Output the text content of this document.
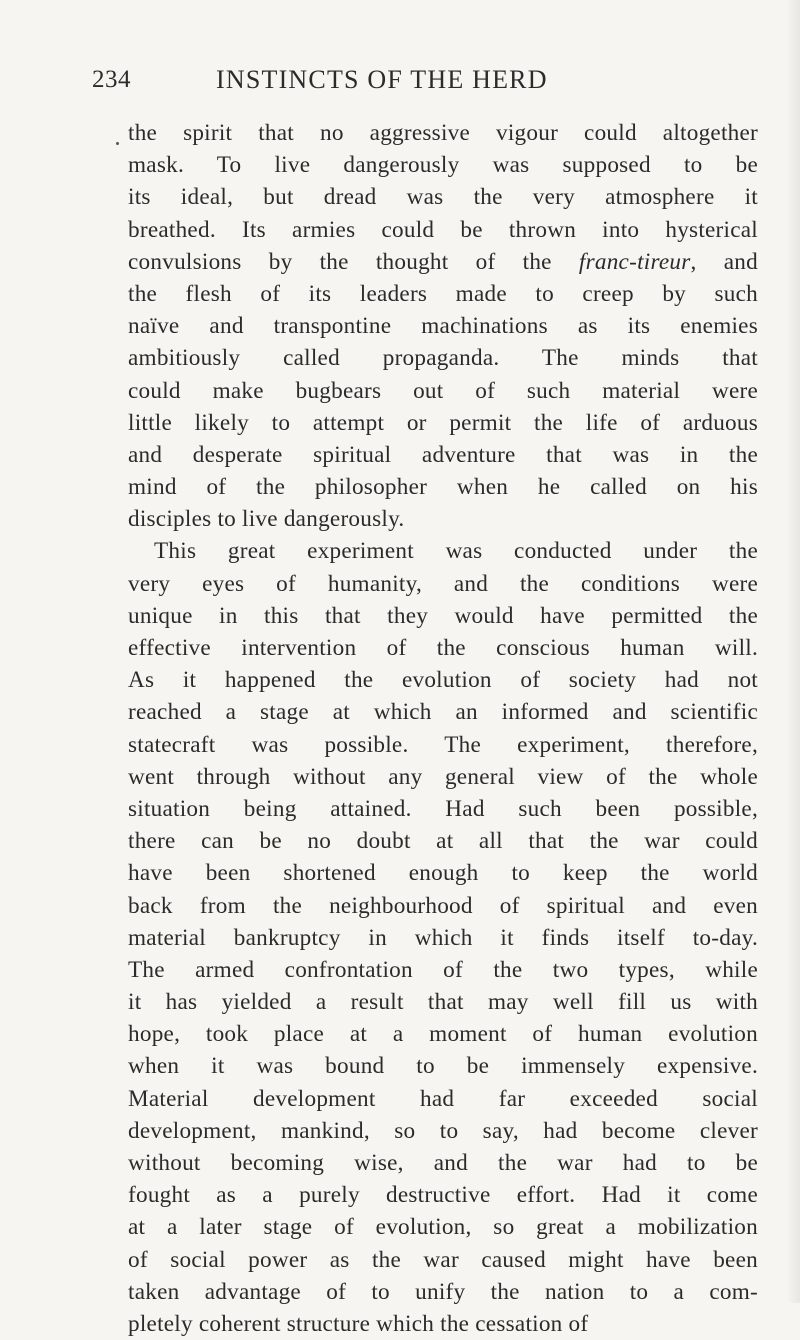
234	INSTINCTS OF THE HERD
the spirit that no aggressive vigour could altogether
mask. To live dangerously was supposed to be
its ideal, but dread was the very atmosphere it
breathed. Its armies could be thrown into hysterical
convulsions by the thought of the franc-tireur, and
the flesh of its leaders made to creep by such
naïve and transpontine machinations as its enemies
ambitiously called propaganda. The minds that
could make bugbears out of such material were
little likely to attempt or permit the life of arduous
and desperate spiritual adventure that was in the
mind of the philosopher when he called on his
disciples to live dangerously.
This great experiment was conducted under the
very eyes of humanity, and the conditions were
unique in this that they would have permitted the
effective intervention of the conscious human will.
As it happened the evolution of society had not
reached a stage at which an informed and scientific
statecraft was possible. The experiment, therefore,
went through without any general view of the whole
situation being attained. Had such been possible,
there can be no doubt at all that the war could
have been shortened enough to keep the world
back from the neighbourhood of spiritual and even
material bankruptcy in which it finds itself to-day.
The armed confrontation of the two types, while
it has yielded a result that may well fill us with
hope, took place at a moment of human evolution
when it was bound to be immensely expensive.
Material development had far exceeded social
development, mankind, so to say, had become clever
without becoming wise, and the war had to be
fought as a purely destructive effort. Had it come
at a later stage of evolution, so great a mobilization
of social power as the war caused might have been
taken advantage of to unify the nation to a com-
pletely coherent structure which the cessation of
